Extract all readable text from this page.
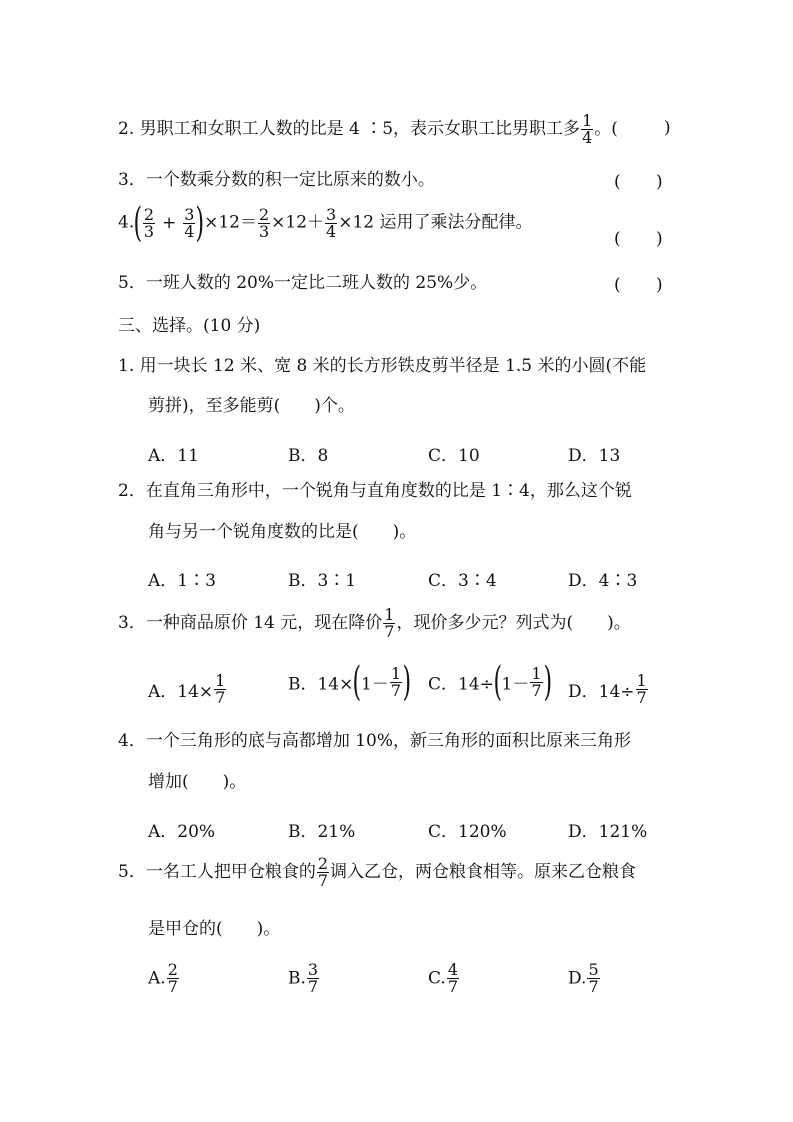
2. 男职工和女职工人数的比是 4 ∶5，表示女职工比男职工多 $\frac{1}{4}$ 。(	)
3．一个数乘分数的积一定比原来的数小。	( )
$4.( \frac{2}{3} + \frac{3}{4} )\times 12= \frac{2}{3} \times 12+ \frac{3}{4} \times 12$ 运用了乘法分配律。
( )
5．一班人数的 20%一定比二班人数的 25%少。	( )
三、选择。(10 分)
1. 用一块长 12 米、宽 8 米的长方形铁皮剪半径是 1.5 米的小圆(不能
剪拼)，至多能剪(　　)个。
A．11	B．8	C．10	D．13
2．在直角三角形中，一个锐角与直角度数的比是 1∶4，那么这个锐
角与另一个锐角度数的比是(　　)。
A．1∶3	B．3∶1	C．3∶4	D．4∶3
3．一种商品原价 14 元，现在降价 $\frac{1}{7}$ ，现价多少元？列式为(　　)。
A．$14\times \frac{1}{7}$	B．$14\times(1- \frac{1}{7}$ ) C．$14\div(1- \frac{1}{7}$ ) D．$14\div \frac{1}{7}$
4．一个三角形的底与高都增加 10%，新三角形的面积比原来三角形
增加(　　)。
A．20%	B．21%	C．120%	D．121%
5．一名工人把甲仓粮食的 $\frac{2}{7}$ 调入乙仓，两仓粮食相等。原来乙仓粮食
是甲仓的(　　)。
A. $\frac{2}{7}$	B. $\frac{3}{7}$	C. $\frac{4}{7}$	D. $\frac{5}{7}$
